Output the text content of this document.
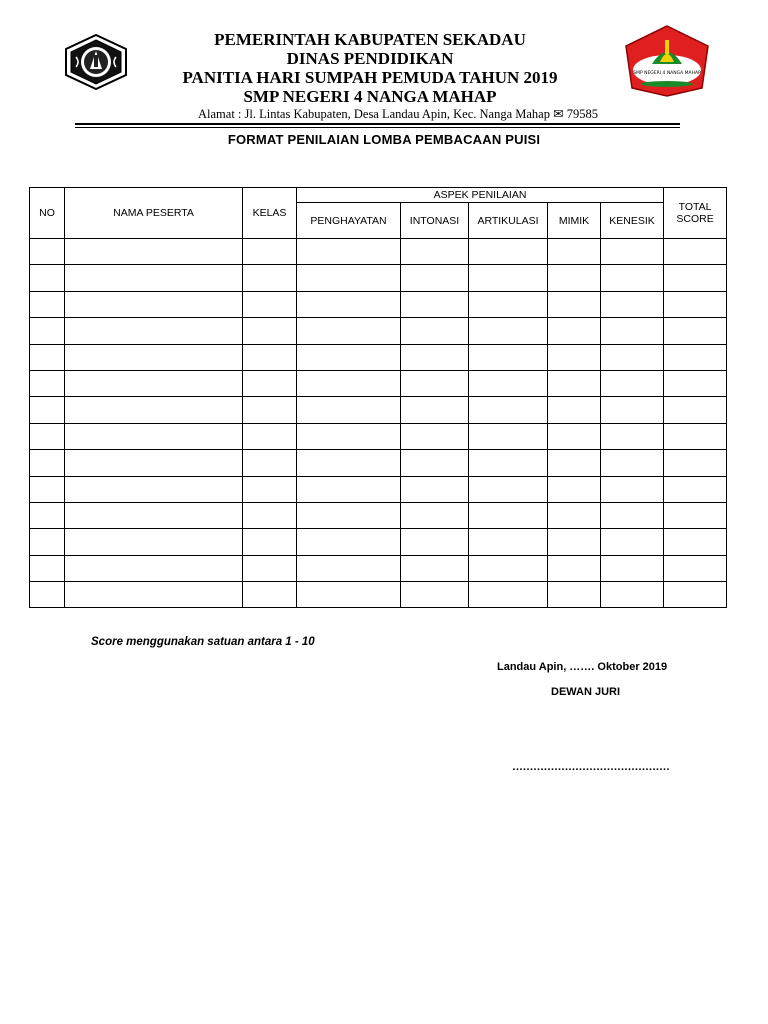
PEMERINTAH KABUPATEN SEKADAU
DINAS PENDIDIKAN
PANITIA HARI SUMPAH PEMUDA TAHUN 2019
SMP NEGERI 4 NANGA MAHAP
Alamat : Jl. Lintas Kabupaten, Desa Landau Apin, Kec. Nanga Mahap ✉ 79585
SMP NEGERI 4 NANGA MAHAP
FORMAT PENILAIAN LOMBA PEMBACAAN PUISI
NO	NAMA PESERTA	KELAS	ASPEK PENILAIAN					TOTAL
SCORE

			PENGHAYATAN	INTONASI	ARTIKULASI	MIMIK	KENESIK	

Score menggunakan satuan antara 1 - 10
Landau Apin, ……. Oktober 2019
DEWAN JURI
………………………………………
